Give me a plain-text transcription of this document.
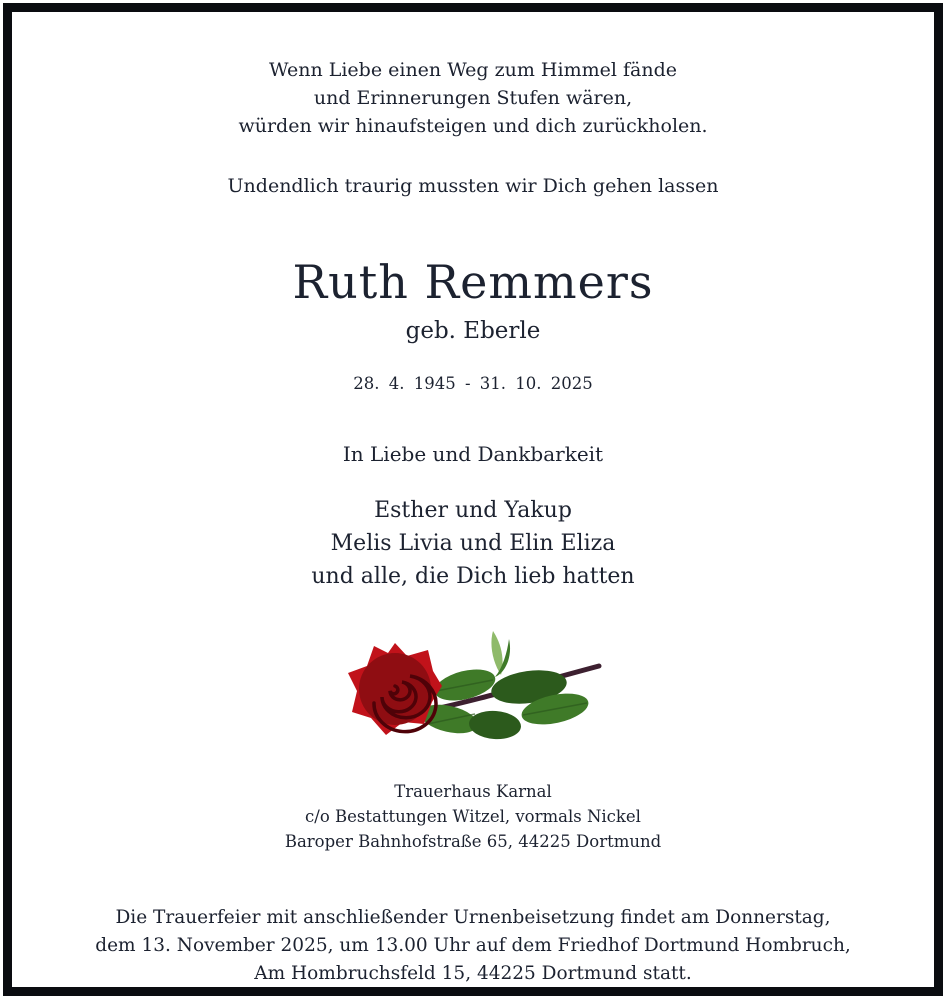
Wenn Liebe einen Weg zum Himmel fände
und Erinnerungen Stufen wären,
würden wir hinaufsteigen und dich zurückholen.
Undendlich traurig mussten wir Dich gehen lassen
Ruth Remmers
geb. Eberle
28. 4. 1945 - 31. 10. 2025
In Liebe und Dankbarkeit
Esther und Yakup
Melis Livia und Elin Eliza
und alle, die Dich lieb hatten
Trauerhaus Karnal
c/o Bestattungen Witzel, vormals Nickel
Baroper Bahnhofstraße 65, 44225 Dortmund
Die Trauerfeier mit anschließender Urnenbeisetzung findet am Donnerstag,
dem 13. November 2025, um 13.00 Uhr auf dem Friedhof Dortmund Hombruch,
Am Hombruchsfeld 15, 44225 Dortmund statt.
